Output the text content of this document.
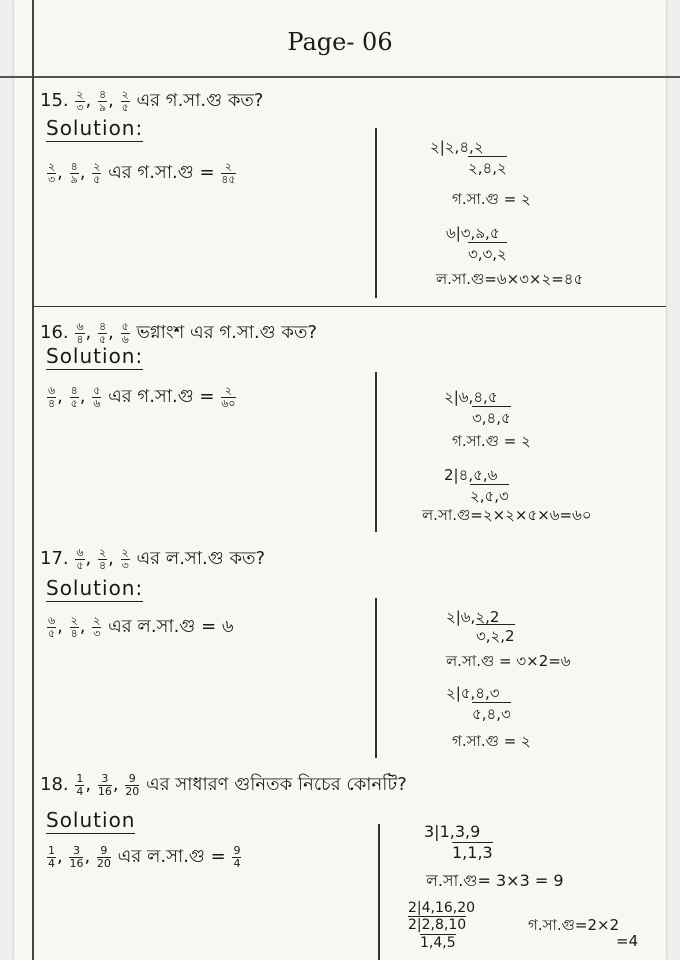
Page- 06
15. $\frac{২}{৩}$ , $\frac{৪}{৯}$ , $\frac{২}{৫}$ এর গ.সা.গু কত?
Solution:
$\frac{২}{৩}$ , $\frac{৪}{৯}$ , $\frac{২}{৫}$ এর গ.সা.গু = $\frac{২}{৪৫}$
২|২,৪,২
২,৪,২
গ.সা.গু = ২
৬|৩,৯,৫
৩,৩,২
ল.সা.গু=৬×৩×২=৪৫
16. $\frac{৬}{৪}$ , $\frac{৪}{৫}$ , $\frac{৫}{৬}$ ভগ্নাংশ এর গ.সা.গু কত?
Solution:
$\frac{৬}{৪}$ , $\frac{৪}{৫}$ , $\frac{৫}{৬}$ এর গ.সা.গু = $\frac{২}{৬০}$	২|৬,৪,৫
৩,৪,৫
গ.সা.গু = ২
2|৪,৫,৬
২,৫,৩
ল.সা.গু=২×২×৫×৬=৬০
17. $\frac{৬}{৫}$ , $\frac{২}{৪}$ , $\frac{২}{৩}$ এর ল.সা.গু কত?
Solution:
$\frac{৬}{৫}$ , $\frac{২}{৪}$ , $\frac{২}{৩}$ এর ল.সা.গু = ৬	২|৬,২,2
৩,২,2
ল.সা.গু = ৩×2=৬
২|৫,৪,৩
৫,৪,৩
গ.সা.গু = ২
18. $\frac{1}{4}$ , $\frac{3}{16}$ , $\frac{9}{20}$ এর সাধারণ গুনিতক নিচের কোনটি?
Solution
$\frac{1}{4}$ , $\frac{3}{16}$ , $\frac{9}{20}$ এর ল.সা.গু = $\frac{9}{4}$
3|1,3,9
1,1,3
ল.সা.গু= 3×3 = 9
2|4,16,20
2|2,8,10
1,4,5
গ.সা.গু=2×2
=4
